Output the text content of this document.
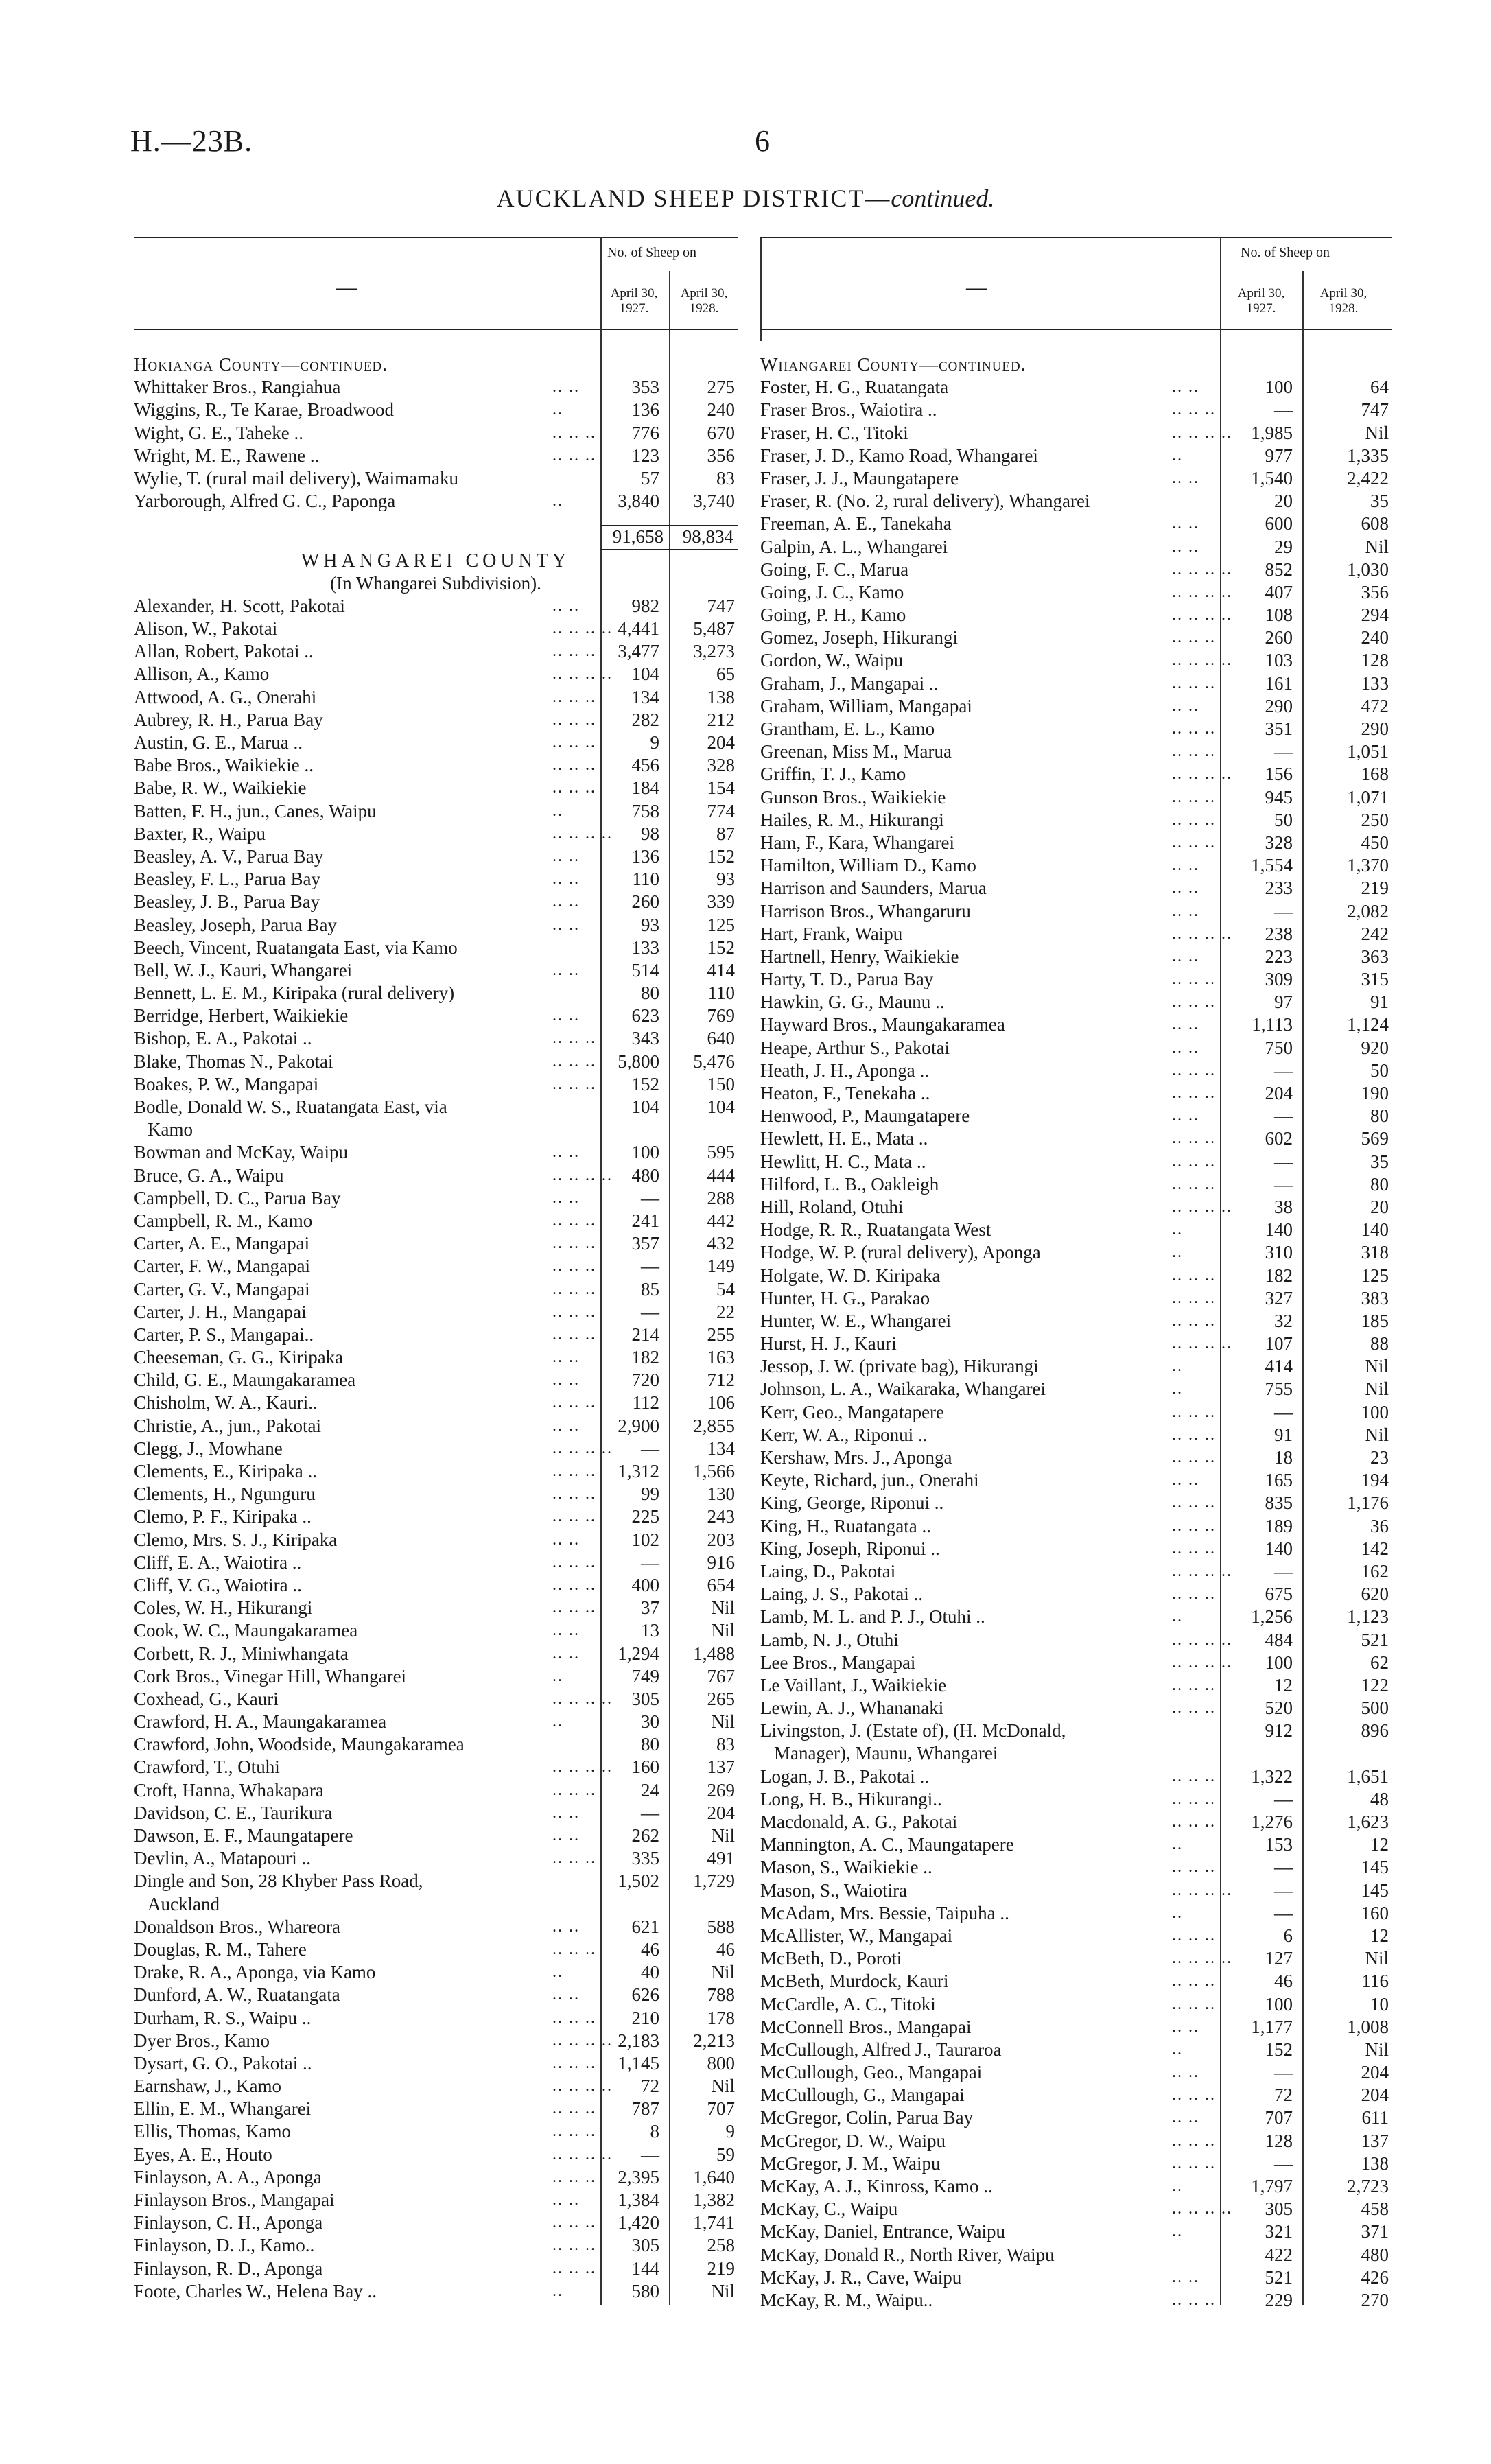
H.—23B.	6
AUCKLAND SHEEP DISTRICT—continued.
—
No. of Sheep on
April 30, 1927.
April 30, 1928.
Hokianga County—continued.
Whittaker Bros., Rangiahua	.. ..	353	275
Wiggins, R., Te Karae, Broadwood	..	136	240
Wight, G. E., Taheke ..	.. .. ..	776	670
Wright, M. E., Rawene ..	.. .. ..	123	356
Wylie, T. (rural mail delivery), Waimamaku	57	83
Yarborough, Alfred G. C., Paponga	..	3,840	3,740
91,658	98,834
WHANGAREI COUNTY
(In Whangarei Subdivision).
Alexander, H. Scott, Pakotai	.. ..	982	747
Alison, W., Pakotai	.. .. .. .. 4,441	5,487
Allan, Robert, Pakotai ..	.. .. ..	3,477	3,273
Allison, A., Kamo	.. .. .. ..	104	65
Attwood, A. G., Onerahi	.. .. ..	134	138
Aubrey, R. H., Parua Bay	.. .. ..	282	212
Austin, G. E., Marua ..	.. .. ..	9	204
Babe Bros., Waikiekie ..	.. .. ..	456	328
Babe, R. W., Waikiekie	.. .. ..	184	154
Batten, F. H., jun., Canes, Waipu	..	758	774
Baxter, R., Waipu	.. .. .. ..	98	87
Beasley, A. V., Parua Bay	.. ..	136	152
Beasley, F. L., Parua Bay	.. ..	110	93
Beasley, J. B., Parua Bay	.. ..	260	339
Beasley, Joseph, Parua Bay	.. ..	93	125
Beech, Vincent, Ruatangata East, via Kamo	133	152
Bell, W. J., Kauri, Whangarei	.. ..	514	414
Bennett, L. E. M., Kiripaka (rural delivery)	80	110
Berridge, Herbert, Waikiekie	.. ..	623	769
Bishop, E. A., Pakotai ..	.. .. ..	343	640
Blake, Thomas N., Pakotai	.. .. ..	5,800	5,476
Boakes, P. W., Mangapai	.. .. ..	152	150
Bodle, Donald W. S., Ruatangata East, via	104	104
Kamo
Bowman and McKay, Waipu	.. ..	100	595
Bruce, G. A., Waipu	.. .. .. ..	480	444
Campbell, D. C., Parua Bay	.. ..	—	288
Campbell, R. M., Kamo	.. .. ..	241	442
Carter, A. E., Mangapai	.. .. ..	357	432
Carter, F. W., Mangapai	.. .. ..	—	149
Carter, G. V., Mangapai	.. .. ..	85	54
Carter, J. H., Mangapai	.. .. ..	—	22
Carter, P. S., Mangapai..	.. .. ..	214	255
Cheeseman, G. G., Kiripaka	.. ..	182	163
Child, G. E., Maungakaramea	.. ..	720	712
Chisholm, W. A., Kauri..	.. .. ..	112	106
Christie, A., jun., Pakotai	.. ..	2,900	2,855
Clegg, J., Mowhane	.. .. .. ..	—	134
Clements, E., Kiripaka ..	.. .. ..	1,312	1,566
Clements, H., Ngunguru	.. .. ..	99	130
Clemo, P. F., Kiripaka ..	.. .. ..	225	243
Clemo, Mrs. S. J., Kiripaka	.. ..	102	203
Cliff, E. A., Waiotira ..	.. .. ..	—	916
Cliff, V. G., Waiotira ..	.. .. ..	400	654
Coles, W. H., Hikurangi	.. .. ..	37	Nil
Cook, W. C., Maungakaramea	.. ..	13	Nil
Corbett, R. J., Miniwhangata	.. ..	1,294	1,488
Cork Bros., Vinegar Hill, Whangarei	..	749	767
Coxhead, G., Kauri	.. .. .. ..	305	265
Crawford, H. A., Maungakaramea	..	30	Nil
Crawford, John, Woodside, Maungakaramea	80	83
Crawford, T., Otuhi	.. .. .. ..	160	137
Croft, Hanna, Whakapara	.. .. ..	24	269
Davidson, C. E., Taurikura	.. ..	—	204
Dawson, E. F., Maungatapere	.. ..	262	Nil
Devlin, A., Matapouri ..	.. .. ..	335	491
Dingle and Son, 28 Khyber Pass Road,	1,502	1,729
Auckland
Donaldson Bros., Whareora	.. ..	621	588
Douglas, R. M., Tahere	.. .. ..	46	46
Drake, R. A., Aponga, via Kamo	..	40	Nil
Dunford, A. W., Ruatangata	.. ..	626	788
Durham, R. S., Waipu ..	.. .. ..	210	178
Dyer Bros., Kamo	.. .. .. .. 2,183	2,213
Dysart, G. O., Pakotai ..	.. .. ..	1,145	800
Earnshaw, J., Kamo	.. .. .. ..	72	Nil
Ellin, E. M., Whangarei	.. .. ..	787	707
Ellis, Thomas, Kamo	.. .. ..	8	9
Eyes, A. E., Houto	.. .. .. ..	—	59
Finlayson, A. A., Aponga	.. .. ..	2,395	1,640
Finlayson Bros., Mangapai	.. ..	1,384	1,382
Finlayson, C. H., Aponga	.. .. ..	1,420	1,741
Finlayson, D. J., Kamo..	.. .. ..	305	258
Finlayson, R. D., Aponga	.. .. ..	144	219
Foote, Charles W., Helena Bay ..	..	580	Nil
—
No. of Sheep on
April 30, 1927.
April 30, 1928.
Whangarei County—continued.
Foster, H. G., Ruatangata	.. ..	100	64
Fraser Bros., Waiotira ..	.. .. ..	—	747
Fraser, H. C., Titoki	.. .. .. ..	1,985	Nil
Fraser, J. D., Kamo Road, Whangarei	..	977	1,335
Fraser, J. J., Maungatapere	.. ..	1,540	2,422
Fraser, R. (No. 2, rural delivery), Whangarei	20	35
Freeman, A. E., Tanekaha	.. ..	600	608
Galpin, A. L., Whangarei	.. ..	29	Nil
Going, F. C., Marua	.. .. .. ..	852	1,030
Going, J. C., Kamo	.. .. .. ..	407	356
Going, P. H., Kamo	.. .. .. ..	108	294
Gomez, Joseph, Hikurangi	.. .. ..	260	240
Gordon, W., Waipu	.. .. .. ..	103	128
Graham, J., Mangapai ..	.. .. ..	161	133
Graham, William, Mangapai	.. ..	290	472
Grantham, E. L., Kamo	.. .. ..	351	290
Greenan, Miss M., Marua	.. .. ..	—	1,051
Griffin, T. J., Kamo	.. .. .. ..	156	168
Gunson Bros., Waikiekie	.. .. ..	945	1,071
Hailes, R. M., Hikurangi	.. .. ..	50	250
Ham, F., Kara, Whangarei	.. .. ..	328	450
Hamilton, William D., Kamo	.. ..	1,554	1,370
Harrison and Saunders, Marua	.. ..	233	219
Harrison Bros., Whangaruru	.. ..	—	2,082
Hart, Frank, Waipu	.. .. .. ..	238	242
Hartnell, Henry, Waikiekie	.. ..	223	363
Harty, T. D., Parua Bay	.. .. ..	309	315
Hawkin, G. G., Maunu ..	.. .. ..	97	91
Hayward Bros., Maungakaramea	.. ..	1,113	1,124
Heape, Arthur S., Pakotai	.. ..	750	920
Heath, J. H., Aponga ..	.. .. ..	—	50
Heaton, F., Tenekaha ..	.. .. ..	204	190
Henwood, P., Maungatapere	.. ..	—	80
Hewlett, H. E., Mata ..	.. .. ..	602	569
Hewlitt, H. C., Mata ..	.. .. ..	—	35
Hilford, L. B., Oakleigh	.. .. ..	—	80
Hill, Roland, Otuhi	.. .. .. ..	38	20
Hodge, R. R., Ruatangata West	..	140	140
Hodge, W. P. (rural delivery), Aponga	..	310	318
Holgate, W. D. Kiripaka	.. .. ..	182	125
Hunter, H. G., Parakao	.. .. ..	327	383
Hunter, W. E., Whangarei	.. .. ..	32	185
Hurst, H. J., Kauri	.. .. .. ..	107	88
Jessop, J. W. (private bag), Hikurangi	..	414	Nil
Johnson, L. A., Waikaraka, Whangarei	..	755	Nil
Kerr, Geo., Mangatapere	.. .. ..	—	100
Kerr, W. A., Riponui ..	.. .. ..	91	Nil
Kershaw, Mrs. J., Aponga	.. .. ..	18	23
Keyte, Richard, jun., Onerahi	.. ..	165	194
King, George, Riponui ..	.. .. ..	835	1,176
King, H., Ruatangata ..	.. .. ..	189	36
King, Joseph, Riponui ..	.. .. ..	140	142
Laing, D., Pakotai	.. .. .. ..	—	162
Laing, J. S., Pakotai ..	.. .. ..	675	620
Lamb, M. L. and P. J., Otuhi ..	..	1,256	1,123
Lamb, N. J., Otuhi	.. .. .. ..	484	521
Lee Bros., Mangapai	.. .. .. ..	100	62
Le Vaillant, J., Waikiekie	.. .. ..	12	122
Lewin, A. J., Whananaki	.. .. ..	520	500
Livingston, J. (Estate of), (H. McDonald,	912	896
Manager), Maunu, Whangarei
Logan, J. B., Pakotai ..	.. .. ..	1,322	1,651
Long, H. B., Hikurangi..	.. .. ..	—	48
Macdonald, A. G., Pakotai	.. .. ..	1,276	1,623
Mannington, A. C., Maungatapere	..	153	12
Mason, S., Waikiekie ..	.. .. ..	—	145
Mason, S., Waiotira	.. .. .. ..	—	145
McAdam, Mrs. Bessie, Taipuha ..	..	—	160
McAllister, W., Mangapai	.. .. ..	6	12
McBeth, D., Poroti	.. .. .. ..	127	Nil
McBeth, Murdock, Kauri	.. .. ..	46	116
McCardle, A. C., Titoki	.. .. ..	100	10
McConnell Bros., Mangapai	.. ..	1,177	1,008
McCullough, Alfred J., Tauraroa	..	152	Nil
McCullough, Geo., Mangapai	.. ..	—	204
McCullough, G., Mangapai	.. .. ..	72	204
McGregor, Colin, Parua Bay	.. ..	707	611
McGregor, D. W., Waipu	.. .. ..	128	137
McGregor, J. M., Waipu	.. .. ..	—	138
McKay, A. J., Kinross, Kamo ..	..	1,797	2,723
McKay, C., Waipu	.. .. .. ..	305	458
McKay, Daniel, Entrance, Waipu	..	321	371
McKay, Donald R., North River, Waipu	422	480
McKay, J. R., Cave, Waipu	.. ..	521	426
McKay, R. M., Waipu..	.. .. ..	229	270
